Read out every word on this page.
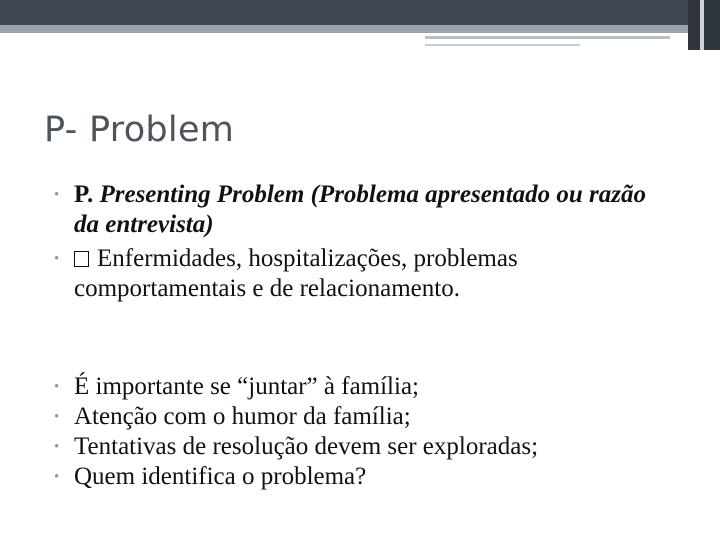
P- Problem
• P. Presenting Problem (Problema apresentado ou razão da entrevista)
• Enfermidades, hospitalizações, problemas comportamentais e de relacionamento.
• É importante se “juntar” à família;
• Atenção com o humor da família;
• Tentativas de resolução devem ser exploradas;
• Quem identifica o problema?
